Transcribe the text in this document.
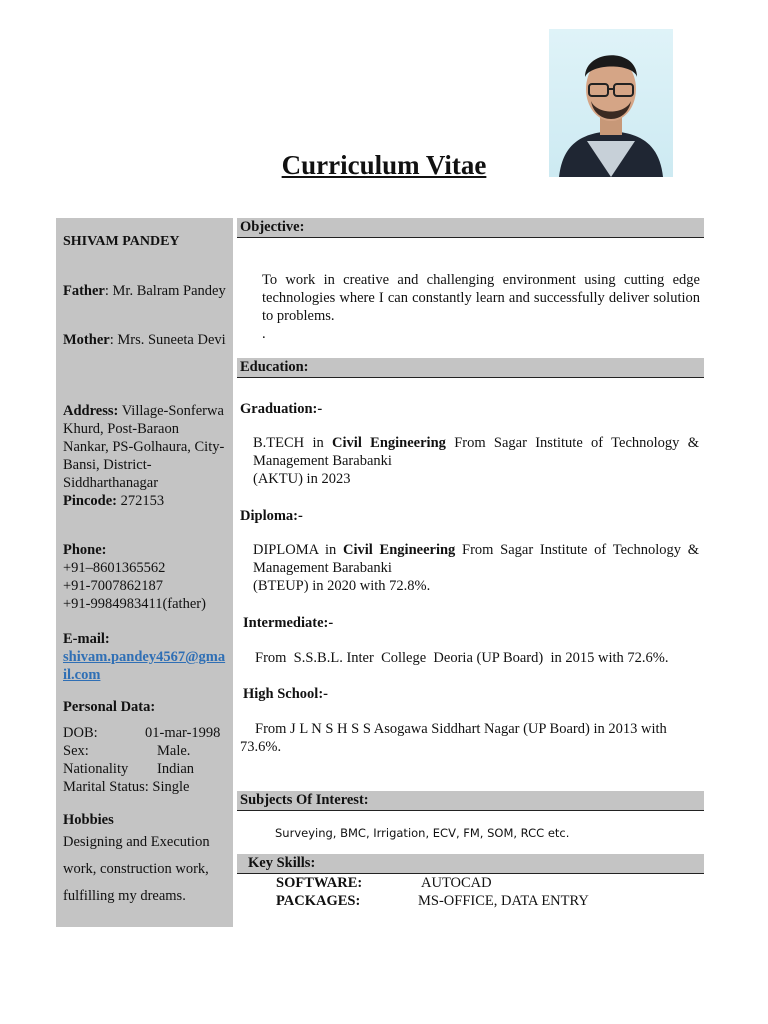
Curriculum Vitae

SHIVAM PANDEY

Father: Mr. Balram Pandey
Mother: Mrs. Suneeta Devi
Address: Village-Sonferwa Khurd, Post-Baraon Nankar, PS-Golhaura, City- Bansi, District- Siddharthanagar
Pincode: 272153
Phone:
+91–8601365562
+91-7007862187
+91-9984983411(father)
E-mail:
shivam.pandey4567@gmail.com
Personal Data:
DOB:	01-mar-1998
Sex:	Male.
Nationality	Indian
Marital Status: Single
Hobbies
Designing and Execution work, construction work, fulfilling my dreams.
Objective:
To work in creative and challenging environment using cutting edge technologies where I can constantly learn and successfully deliver solution to problems.
.
Education:
Graduation:-
B.TECH in Civil Engineering From Sagar Institute of Technology & Management Barabanki
(AKTU) in 2023
Diploma:-
DIPLOMA in Civil Engineering From Sagar Institute of Technology & Management Barabanki
(BTEUP) in 2020 with 72.8%.
Intermediate:-
From  S.S.B.L. Inter  College  Deoria (UP Board)  in 2015 with 72.6%.
High School:-
From J L N S H S S Asogawa Siddhart Nagar (UP Board) in 2013 with 73.6%.
Subjects Of Interest:
Surveying, BMC, Irrigation, ECV, FM, SOM, RCC etc.
Key Skills:
SOFTWARE:	AUTOCAD
PACKAGES:	MS-OFFICE, DATA ENTRY
